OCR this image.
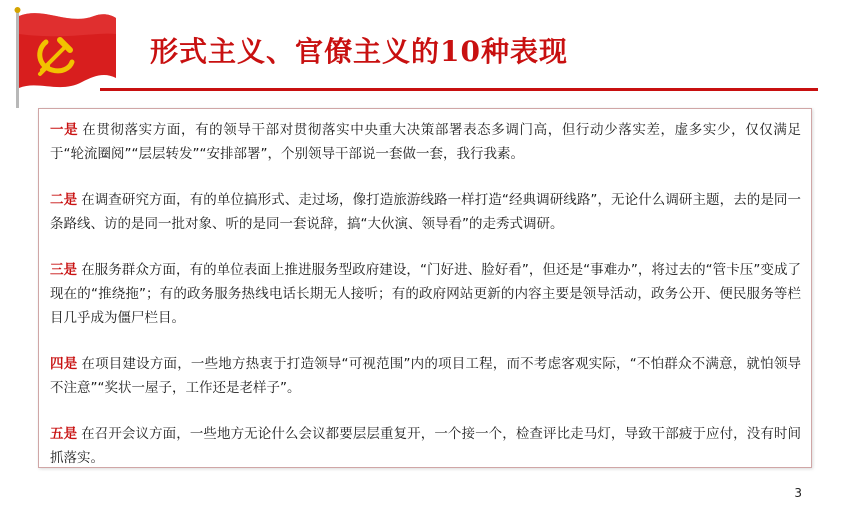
形式主义、官僚主义的10种表现
一是 在贯彻落实方面，有的领导干部对贯彻落实中央重大决策部署表态多调门高，但行动少落实差，虚多实少，仅仅满足于“轮流圈阅”“层层转发”“安排部署”，个别领导干部说一套做一套，我行我素。
二是 在调查研究方面，有的单位搞形式、走过场，像打造旅游线路一样打造“经典调研线路”，无论什么调研主题，去的是同一条路线、访的是同一批对象、听的是同一套说辞，搞“大伙演、领导看”的走秀式调研。
三是 在服务群众方面，有的单位表面上推进服务型政府建设，“门好进、脸好看”，但还是“事难办”，将过去的“管卡压”变成了现在的“推绕拖”；有的政务服务热线电话长期无人接听；有的政府网站更新的内容主要是领导活动，政务公开、便民服务等栏目几乎成为僵尸栏目。
四是 在项目建设方面，一些地方热衷于打造领导“可视范围”内的项目工程，而不考虑客观实际，“不怕群众不满意，就怕领导不注意”“奖状一屋子，工作还是老样子”。
五是 在召开会议方面，一些地方无论什么会议都要层层重复开，一个接一个，检查评比走马灯，导致干部疲于应付，没有时间抓落实。
3
